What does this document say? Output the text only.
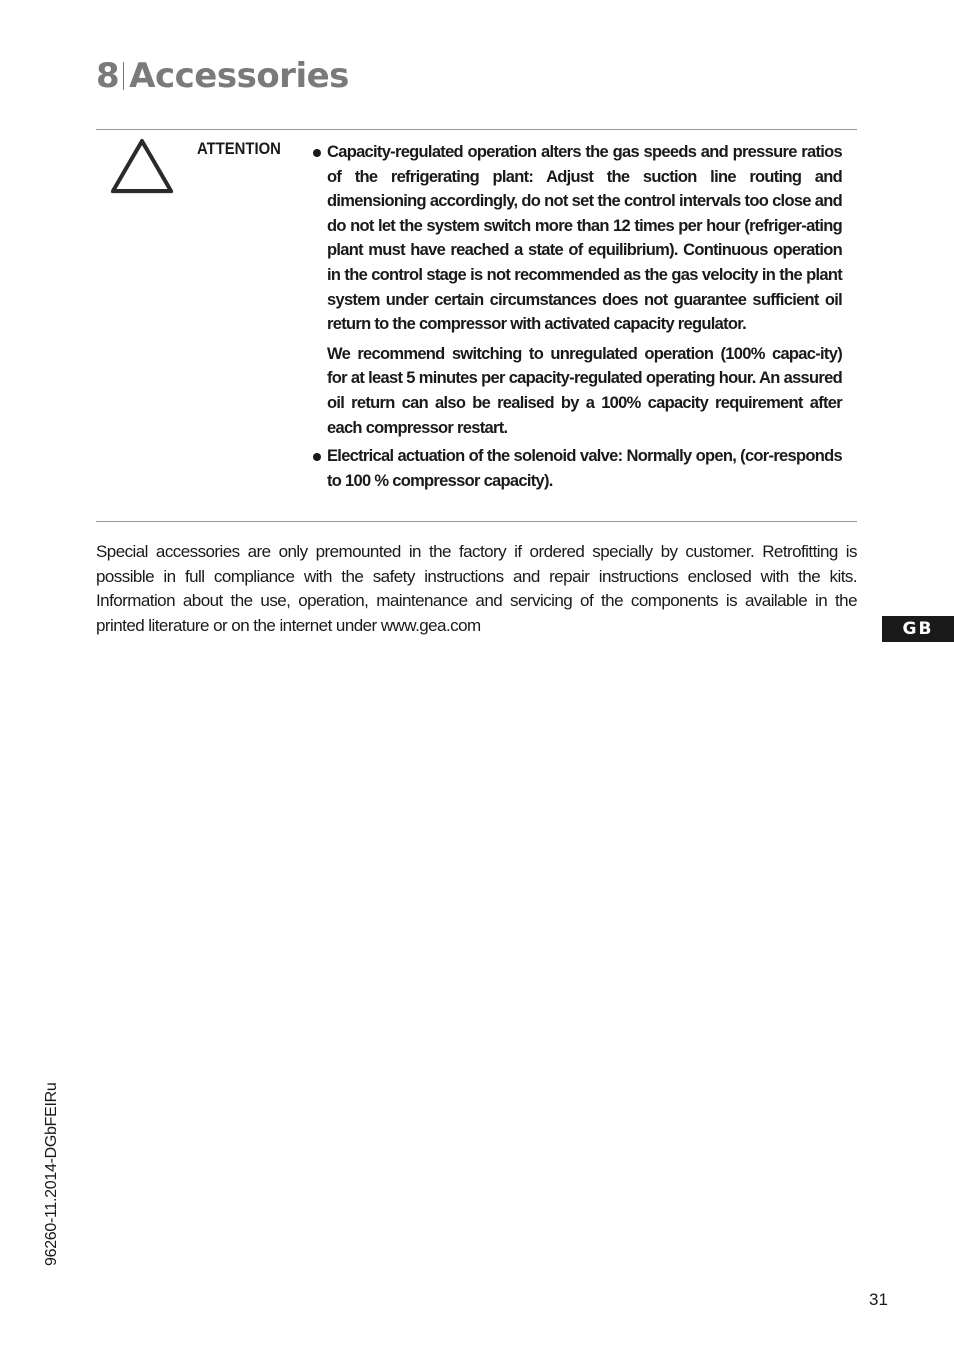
8 Accessories
ATTENTION	Capacity-regulated operation alters the gas speeds and pressure ratios of the refrigerating plant: Adjust the suction line routing and dimensioning accordingly, do not set the control intervals too close and do not let the system switch more than 12 times per hour (refriger-ating plant must have reached a state of equilibrium). Continuous operation in the control stage is not recommended as the gas velocity in the plant system under certain circumstances does not guarantee sufficient oil return to the compressor with activated capacity regulator.
We recommend switching to unregulated operation (100% capac-ity) for at least 5 minutes per capacity-regulated operating hour. An assured oil return can also be realised by a 100% capacity requirement after each compressor restart.
Electrical actuation of the solenoid valve: Normally open, (cor-responds to 100 % compressor capacity).
Special accessories are only premounted in the factory if ordered specially by customer. Retrofitting is possible in full compliance with the safety instructions and repair instructions enclosed with the kits. Information about the use, operation, maintenance and servicing of the components is available in the printed literature or on the internet under www.gea.com	GB
96260-11.2014-DGbFEIRu
31
